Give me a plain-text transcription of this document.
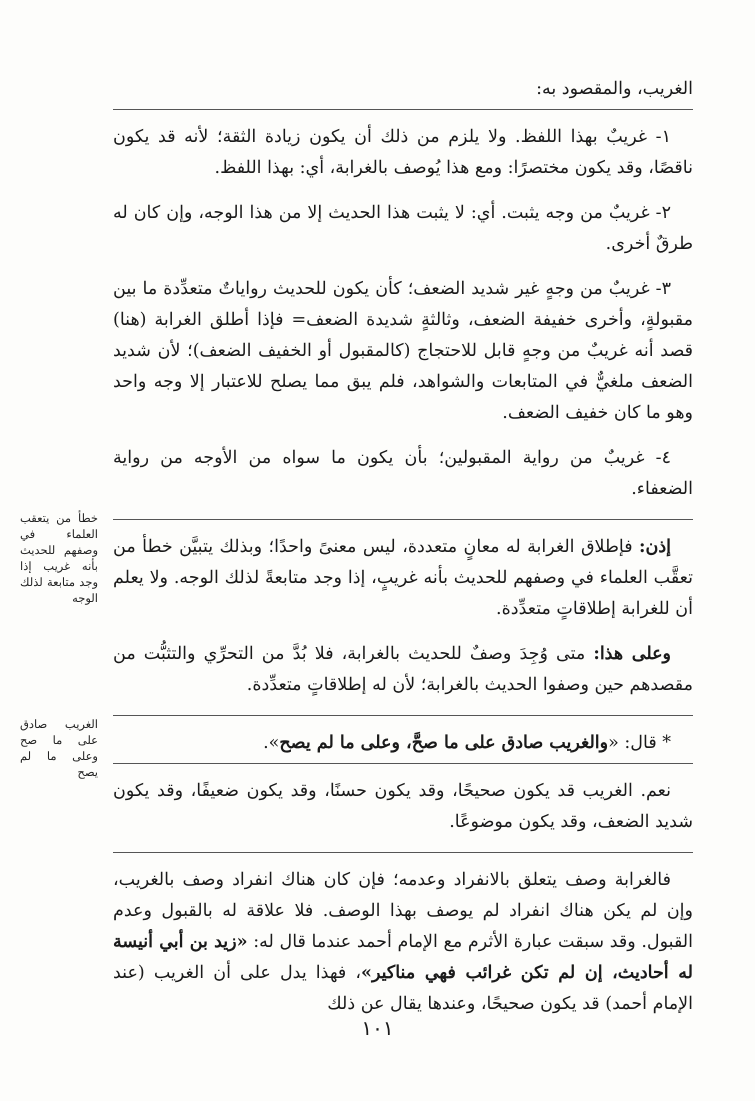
الغريب، والمقصود به:

١- غريبٌ بهذا اللفظ. ولا يلزم من ذلك أن يكون زيادة الثقة؛ لأنه قد يكون ناقصًا، وقد يكون مختصرًا: ومع هذا يُوصف بالغرابة، أي: بهذا اللفظ.

٢- غريبٌ من وجه يثبت. أي: لا يثبت هذا الحديث إلا من هذا الوجه، وإن كان له طرقٌ أخرى.

٣- غريبٌ من وجهٍ غير شديد الضعف؛ كأن يكون للحديث رواياتٌ متعدِّدة ما بين مقبولةٍ، وأخرى خفيفة الضعف، وثالثةٍ شديدة الضعف= فإذا أطلق الغرابة (هنا) قصد أنه غريبٌ من وجهٍ قابل للاحتجاج (كالمقبول أو الخفيف الضعف)؛ لأن شديد الضعف ملغيٌّ في المتابعات والشواهد، فلم يبق مما يصلح للاعتبار إلا وجه واحد وهو ما كان خفيف الضعف.

٤- غريبٌ من رواية المقبولين؛ بأن يكون ما سواه من الأوجه من رواية الضعفاء.

إذن: فإطلاق الغرابة له معانٍ متعددة، ليس معنىً واحدًا؛ وبذلك يتبيَّن خطأ من تعقَّب العلماء في وصفهم للحديث بأنه غريبٍ، إذا وجد متابعةً لذلك الوجه. ولا يعلم أن للغرابة إطلاقاتٍ متعدِّدة.

وعلى هذا: متى وُجِدَ وصفٌ للحديث بالغرابة، فلا بُدَّ من التحرِّي والتثبُّت من مقصدهم حين وصفوا الحديث بالغرابة؛ لأن له إطلاقاتٍ متعدِّدة.

* قال: «والغريب صادق على ما صحَّ، وعلى ما لم يصح».

نعم. الغريب قد يكون صحيحًا، وقد يكون حسنًا، وقد يكون ضعيفًا، وقد يكون شديد الضعف، وقد يكون موضوعًا.

فالغرابة وصف يتعلق بالانفراد وعدمه؛ فإن كان هناك انفراد وصف بالغريب، وإن لم يكن هناك انفراد لم يوصف بهذا الوصف. فلا علاقة له بالقبول وعدم القبول. وقد سبقت عبارة الأثرم مع الإمام أحمد عندما قال له: «زيد بن أبي أنيسة له أحاديث، إن لم تكن غرائب فهي مناكير»، فهذا يدل على أن الغريب (عند الإمام أحمد) قد يكون صحيحًا، وعندها يقال عن ذلك

خطأ من يتعقب العلماء في وصفهم للحديث بأنه غريب إذا وجد متابعة لذلك الوجه
الغريب صادق على ما صح وعلى ما لم يصح
١٠١
